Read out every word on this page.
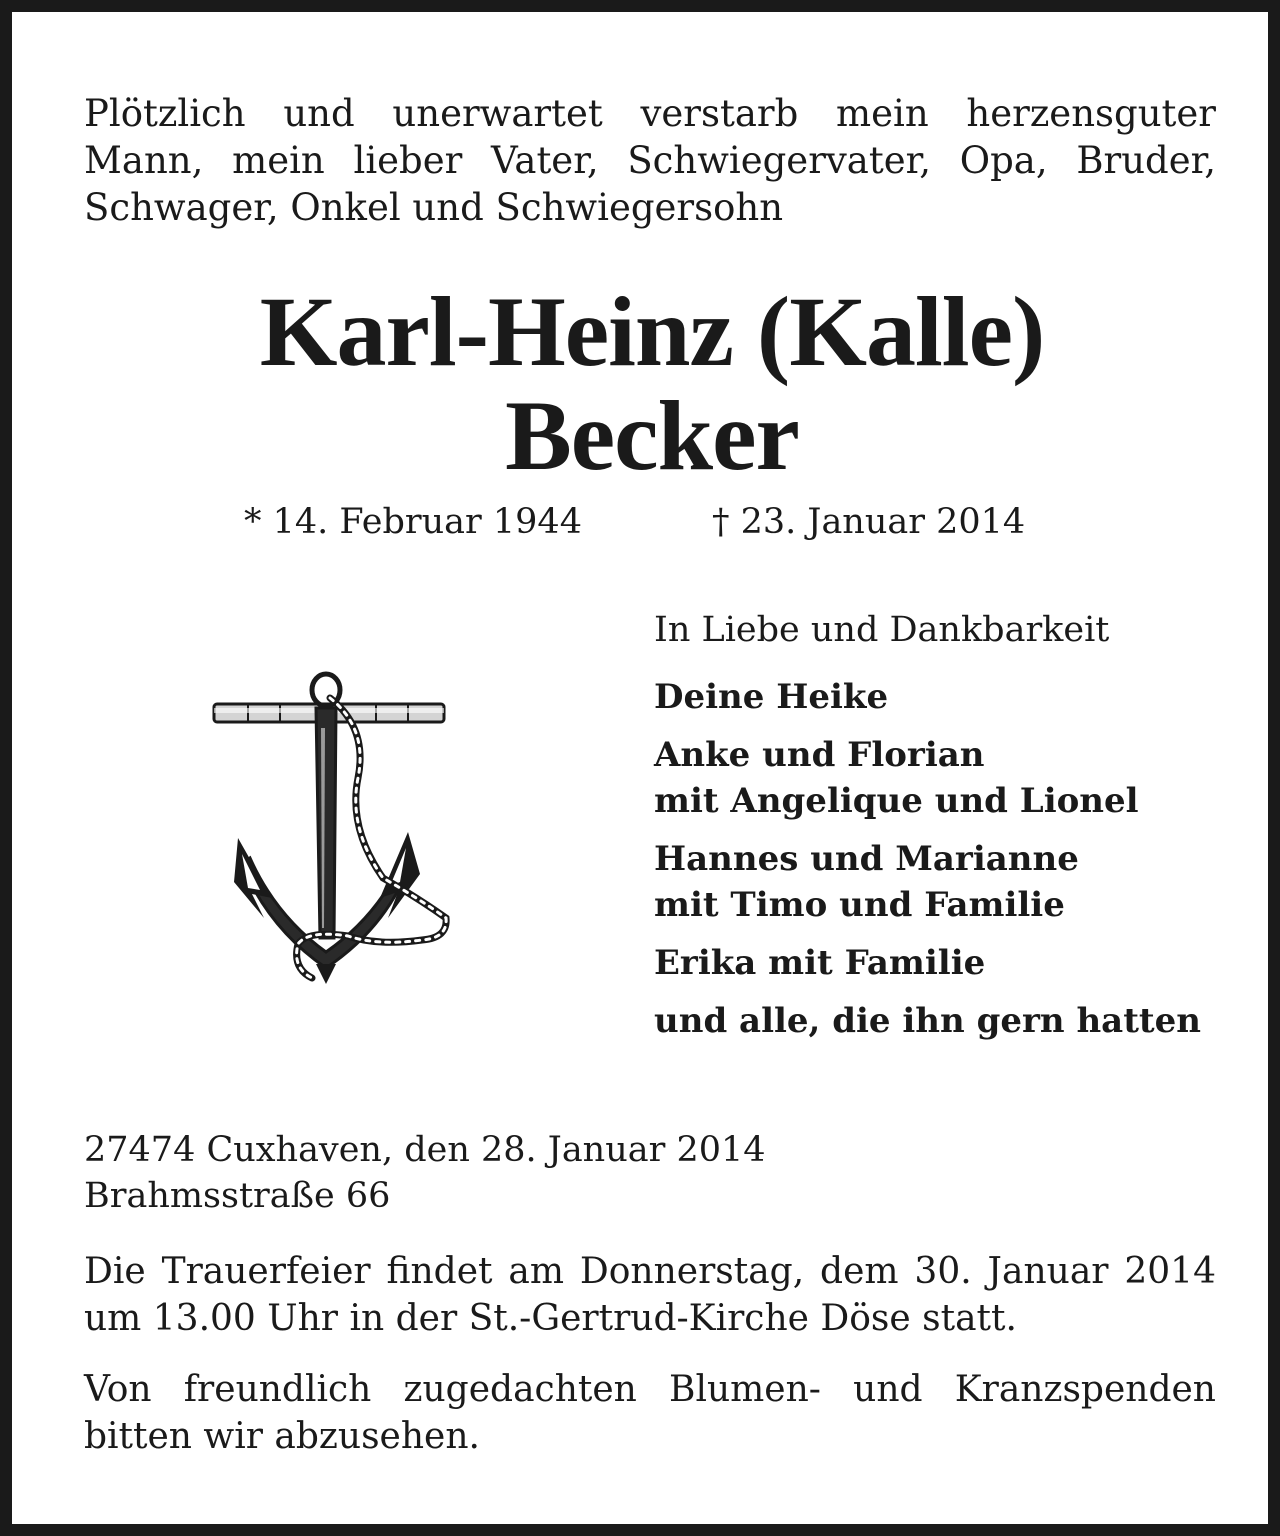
Plötzlich und unerwartet verstarb mein herzensguter Mann, mein lieber Vater, Schwiegervater, Opa, Bruder, Schwager, Onkel und Schwiegersohn

Karl-Heinz (Kalle)
Becker
* 14. Februar 1944	† 23. Januar 2014

In Liebe und Dankbarkeit

Deine Heike

Anke und Florian

mit Angelique und Lionel

Hannes und Marianne

mit Timo und Familie

Erika mit Familie

und alle, die ihn gern hatten

27474 Cuxhaven, den 28. Januar 2014

Brahmsstraße 66

Die Trauerfeier findet am Donnerstag, dem 30. Januar 2014 um 13.00 Uhr in der St.-Gertrud-Kirche Döse statt.

Von freundlich zugedachten Blumen- und Kranzspenden bitten wir abzusehen.
